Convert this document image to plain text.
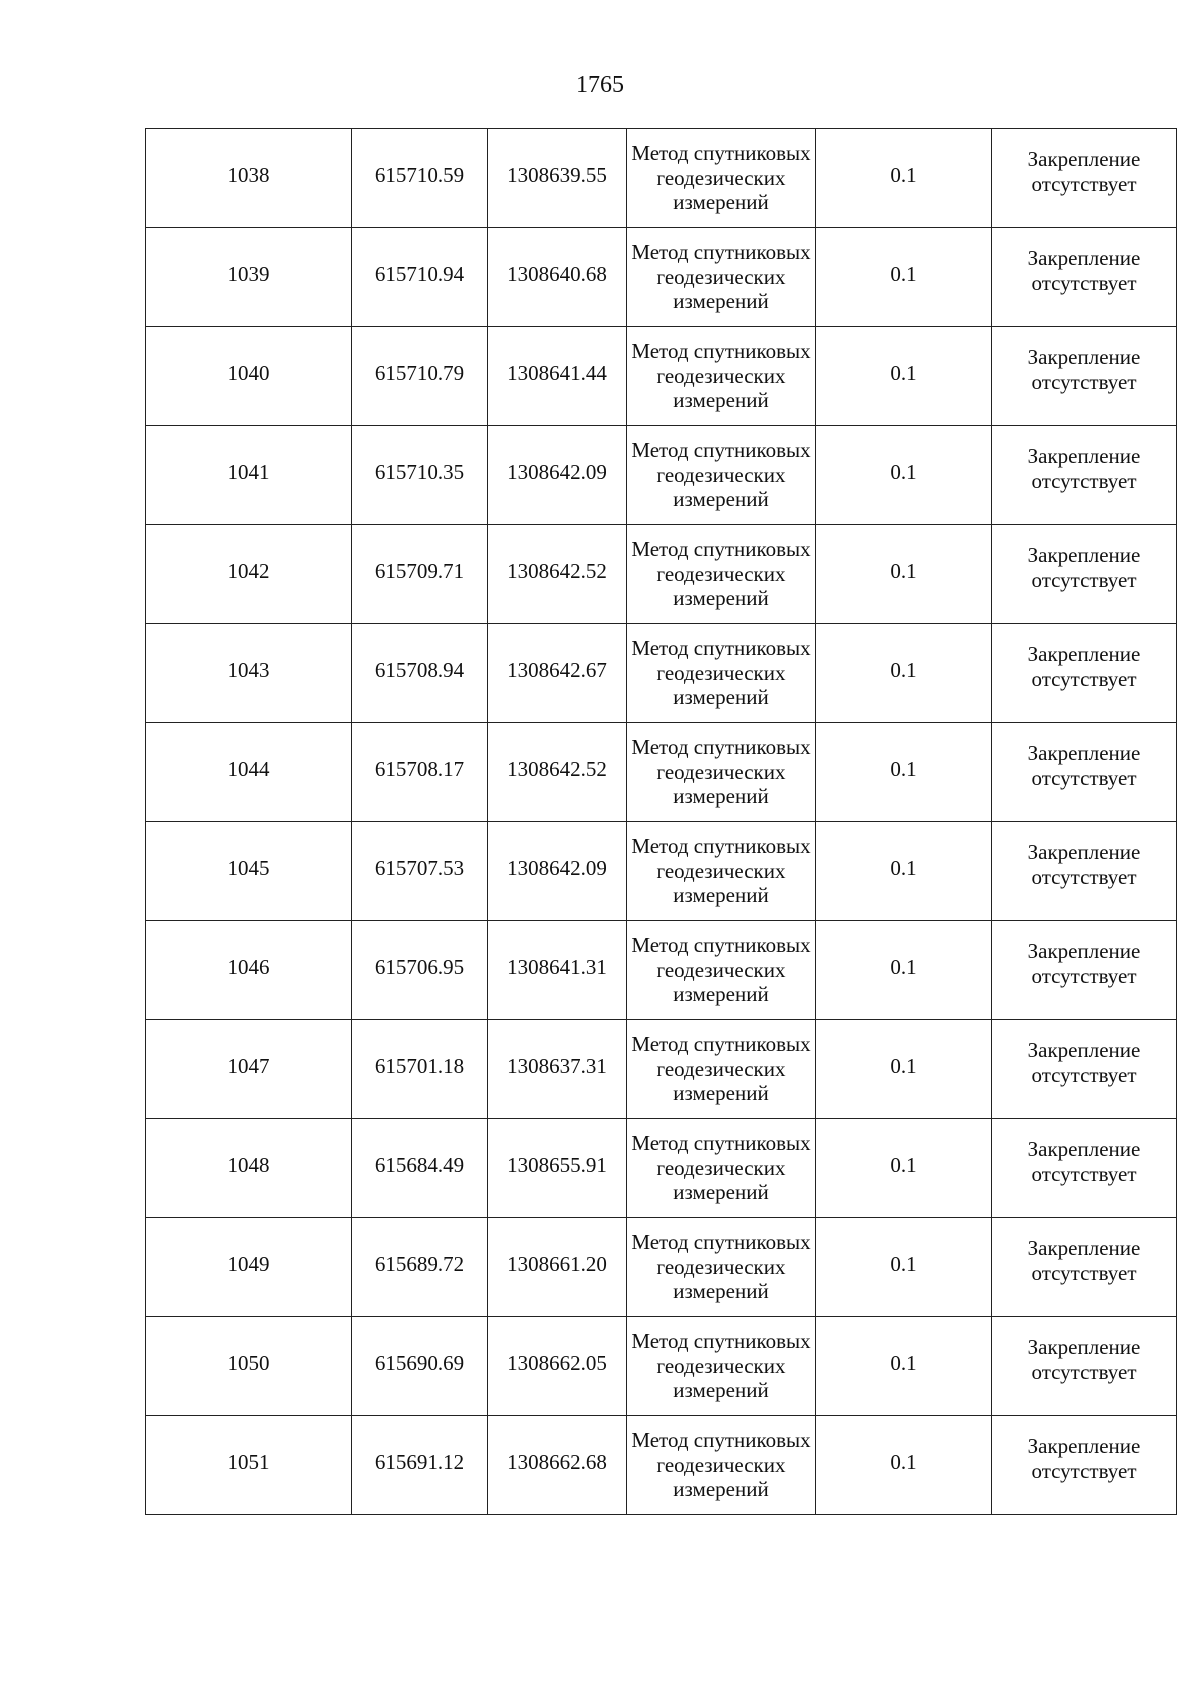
1765
1038	615710.59	1308639.55	Метод спутниковых геодезических измерений	0.1	Закрепление отсутствует
1039	615710.94	1308640.68	Метод спутниковых геодезических измерений	0.1	Закрепление отсутствует
1040	615710.79	1308641.44	Метод спутниковых геодезических измерений	0.1	Закрепление отсутствует
1041	615710.35	1308642.09	Метод спутниковых геодезических измерений	0.1	Закрепление отсутствует
1042	615709.71	1308642.52	Метод спутниковых геодезических измерений	0.1	Закрепление отсутствует
1043	615708.94	1308642.67	Метод спутниковых геодезических измерений	0.1	Закрепление отсутствует
1044	615708.17	1308642.52	Метод спутниковых геодезических измерений	0.1	Закрепление отсутствует
1045	615707.53	1308642.09	Метод спутниковых геодезических измерений	0.1	Закрепление отсутствует
1046	615706.95	1308641.31	Метод спутниковых геодезических измерений	0.1	Закрепление отсутствует
1047	615701.18	1308637.31	Метод спутниковых геодезических измерений	0.1	Закрепление отсутствует
1048	615684.49	1308655.91	Метод спутниковых геодезических измерений	0.1	Закрепление отсутствует
1049	615689.72	1308661.20	Метод спутниковых геодезических измерений	0.1	Закрепление отсутствует
1050	615690.69	1308662.05	Метод спутниковых геодезических измерений	0.1	Закрепление отсутствует
1051	615691.12	1308662.68	Метод спутниковых геодезических измерений	0.1	Закрепление отсутствует
